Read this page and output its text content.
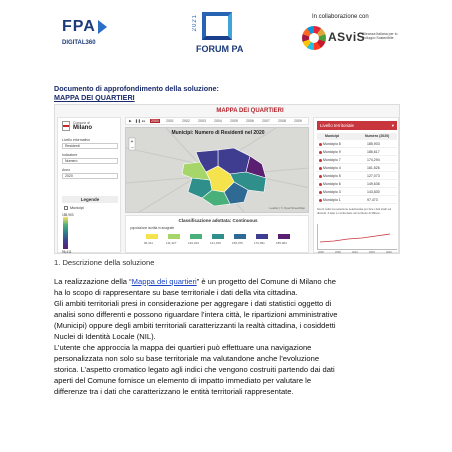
FPA
DIGITAL360
2021
FORUM PA
In collaborazione con
ASviS
Alleanza Italiana per lo Sviluppo Sostenibile
Documento di approfondimento della soluzione:
MAPPA DEI QUARTIERI
MAPPA DEI QUARTIERI
Comune di
Milano
Livello informativo
Residenti
Indicatore
Numero
Anno
2020
Legende
Municipi
185,903
96,411
▶ ❚❚ ▸▸ 2000 2001 2002 2003 2004 2005 2006 2007 2008 2009
Municipi: Numero di Residenti nel 2020
+
−
Leaflet | © OpenStreetMap
Classificazione adottata: Continuous
popolazione iscritta in anagrafe
96,411	111,327	126,243	141,159	156,075	170,991	185,903
Livello territoriale	▾
Municipi	Numero (2020)
Municipio 8	185,903
Municipio 9	186,617
Municipio 7	174,294
Municipio 4	161,526
Municipio 5	127,073
Municipio 6	149,636
Municipio 3	143,830
Municipio 1	97,473
Scorri sulla tua selezione selezionata per fare i dati totali sui distretti. Il dato è confrontato nel territorio di Milano.
2000	2005	2010	2015	2020
1. Descrizione della soluzione
La realizzazione della “Mappa dei quartieri” è un progetto del Comune di Milano che
ha lo scopo di rappresentare su base territoriale i dati della vita cittadina.
Gli ambiti territoriali presi in considerazione per aggregare i dati statistici oggetto di
analisi sono differenti e possono riguardare l’intera città, le ripartizioni amministrative
(Municipi) oppure degli ambiti territoriali caratterizzanti la realtà cittadina, i cosiddetti
Nuclei di Identità Locale (NIL).
L’utente che approccia la mappa dei quartieri può effettuare una navigazione
personalizzata non solo su base territoriale ma valutandone anche l’evoluzione
storica. L’aspetto cromatico legato agli indici che vengono costruiti partendo dai dati
aperti del Comune fornisce un elemento di impatto immediato per valutare le
differenze tra i dati che caratterizzano le entità territoriali rappresentate.
